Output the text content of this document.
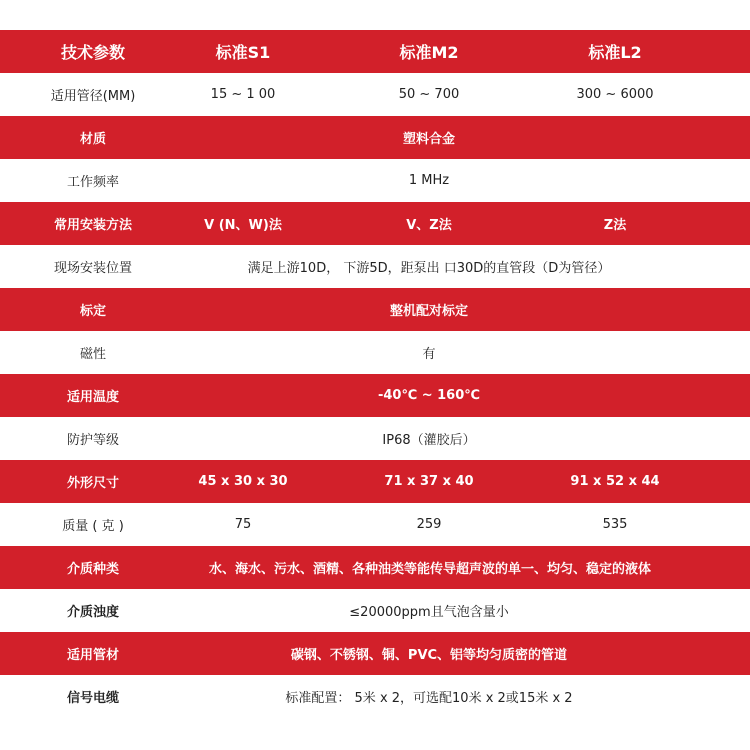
技术参数	标准S1	标准M2	标准L2
适用管径(MM)	15 ~ 1 00	50 ~ 700	300 ~ 6000
材质	塑料合金
工作频率	1 MHz
常用安装方法	V (N、W)法	V、Z法	Z法
现场安装位置	满足上游10D， 下游5D，距泵出 口30D的直管段（D为管径）
标定	整机配对标定
磁性	有
适用温度	-40℃ ~ 160℃
防护等级	IP68（灌胶后）
外形尺寸	45 x 30 x 30	71 x 37 x 40	91 x 52 x 44
质量 ( 克 )	75	259	535
介质种类	水、海水、污水、酒精、各种油类等能传导超声波的单一、均匀、稳定的液体
介质浊度	≤20000ppm且气泡含量小
适用管材	碳钢、不锈钢、铜、PVC、铝等均匀质密的管道
信号电缆	标准配置： 5米 x 2，可选配10米 x 2或15米 x 2
